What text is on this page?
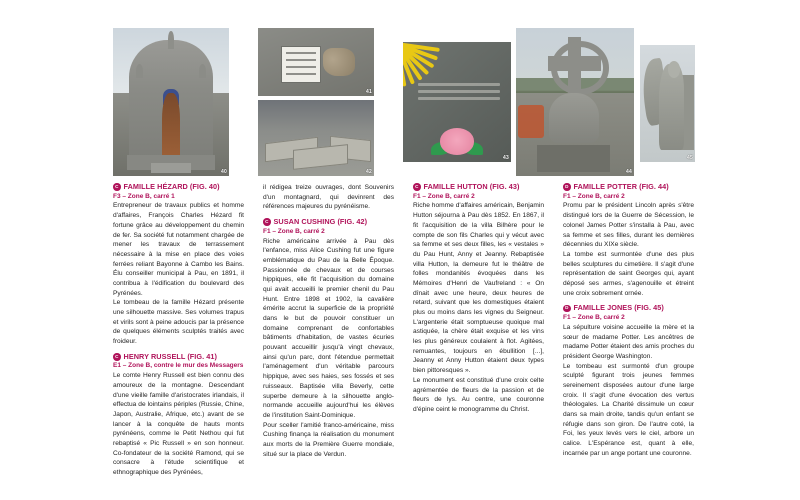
40
41
42
43
44
45
C FAMILLE HÉZARD (FIG. 40)
F3 – Zone B, carré 1

Entrepreneur de travaux publics et homme d'affaires, François Charles Hézard fit fortune grâce au développement du chemin de fer. Sa société fut notamment chargée de mener les travaux de terrassement nécessaire à la mise en place des voies ferrées reliant Bayonne à Cambo les Bains. Élu conseiller municipal à Pau, en 1891, il contribua à l'édification du boulevard des Pyrénées.

Le tombeau de la famille Hézard présente une silhouette massive. Ses volumes trapus et virils sont à peine adoucis par la présence de quelques éléments sculptés traités avec froideur.

C HENRY RUSSELL (FIG. 41)
E1 – Zone B, contre le mur des Messagers

Le comte Henry Russell est bien connu des amoureux de la montagne. Descendant d'une vieille famille d'aristocrates irlandais, il effectua de lointains périples (Russie, Chine, Japon, Australie, Afrique, etc.) avant de se lancer à la conquête de hauts monts pyrénéens, comme le Petit Nethou qui fut rebaptisé « Pic Russell » en son honneur. Co-fondateur de la société Ramond, qui se consacre à l'étude scientifique et ethnographique des Pyrénées,

il rédigea treize ouvrages, dont Souvenirs d'un montagnard, qui devinrent des références majeures du pyrénéisme.

C SUSAN CUSHING (FIG. 42)
F1 – Zone B, carré 2

Riche américaine arrivée à Pau dès l'enfance, miss Alice Cushing fut une figure emblématique du Pau de la Belle Époque. Passionnée de chevaux et de courses hippiques, elle fit l'acquisition du domaine qui avait accueilli le premier chenil du Pau Hunt. Entre 1898 et 1902, la cavalière émérite accrut la superficie de la propriété dans le but de pouvoir constituer un domaine comprenant de confortables bâtiments d'habitation, de vastes écuries pouvant accueillir jusqu'à vingt chevaux, ainsi qu'un parc, dont l'étendue permettait l'aménagement d'un véritable parcours hippique, avec ses haies, ses fossés et ses ruisseaux. Baptisée villa Beverly, cette superbe demeure à la silhouette anglo-normande accueille aujourd'hui les élèves de l'institution Saint-Dominique.

Pour sceller l'amitié franco-américaine, miss Cushing finança la réalisation du monument aux morts de la Première Guerre mondiale, situé sur la place de Verdun.

C FAMILLE HUTTON (FIG. 43)
F1 – Zone B, carré 2

Riche homme d'affaires américain, Benjamin Hutton séjourna à Pau dès 1852. En 1867, il fit l'acquisition de la villa Bilhère pour le compte de son fils Charles qui y vécut avec sa femme et ses deux filles, les « vestales » du Pau Hunt, Anny et Jeanny. Rebaptisée villa Hutton, la demeure fut le théâtre de folles mondanités évoquées dans les Mémoires d'Henri de Vaufreland : « On dînait avec une heure, deux heures de retard, suivant que les domestiques étaient plus ou moins dans les vignes du Seigneur. L'argenterie était somptueuse quoique mal astiquée, la chère était exquise et les vins les plus généreux coulaient à flot. Agitées, remuantes, toujours en ébullition [...], Jeanny et Anny Hutton étaient deux types bien pittoresques ».

Le monument est constitué d'une croix celte agrémentée de fleurs de la passion et de fleurs de lys. Au centre, une couronne d'épine ceint le monogramme du Christ.

D FAMILLE POTTER (FIG. 44)
F1 – Zone B, carré 2

Promu par le président Lincoln après s'être distingué lors de la Guerre de Sécession, le colonel James Potter s'installa à Pau, avec sa femme et ses filles, durant les dernières décennies du XIXe siècle.

La tombe est surmontée d'une des plus belles sculptures du cimetière. Il s'agit d'une représentation de saint Georges qui, ayant déposé ses armes, s'agenouille et étreint une croix sobrement ornée.

D FAMILLE JONES (FIG. 45)
F1 – Zone B, carré 2

La sépulture voisine accueille la mère et la sœur de madame Potter. Les ancêtres de madame Potter étaient des amis proches du président George Washington.

Le tombeau est surmonté d'un groupe sculpté figurant trois jeunes femmes sereinement disposées autour d'une large croix. Il s'agit d'une évocation des vertus théologales. La Charité dissimule un cœur dans sa main droite, tandis qu'un enfant se réfugie dans son giron. De l'autre coté, la Foi, les yeux levés vers le ciel, arbore un calice. L'Espérance est, quant à elle, incarnée par un ange portant une couronne.
